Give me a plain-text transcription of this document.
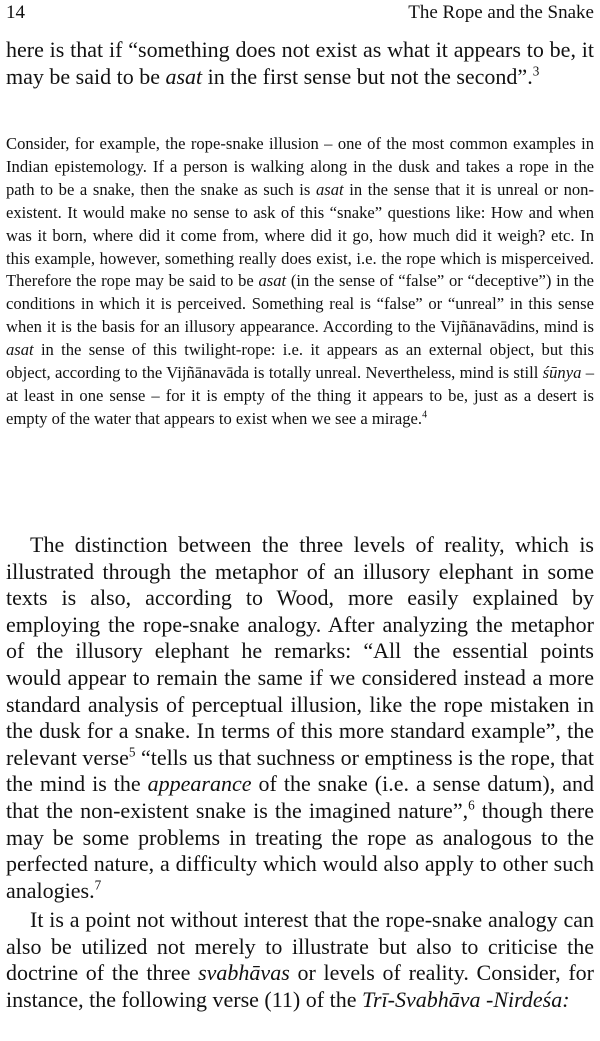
14	The Rope and the Snake

here is that if “something does not exist as what it appears to be, it may be said to be asat in the first sense but not the second”.$^3$

Consider, for example, the rope-snake illusion – one of the most common examples in Indian epistemology. If a person is walking along in the dusk and takes a rope in the path to be a snake, then the snake as such is asat in the sense that it is unreal or non-existent. It would make no sense to ask of this “snake” questions like: How and when was it born, where did it come from, where did it go, how much did it weigh? etc. In this example, however, something really does exist, i.e. the rope which is misperceived. Therefore the rope may be said to be asat (in the sense of “false” or “deceptive”) in the conditions in which it is perceived. Something real is “false” or “unreal” in this sense when it is the basis for an illusory appearance. According to the Vijñānavādins, mind is asat in the sense of this twilight-rope: i.e. it appears as an external object, but this object, according to the Vijñānavāda is totally unreal. Nevertheless, mind is still śūnya – at least in one sense – for it is empty of the thing it appears to be, just as a desert is empty of the water that appears to exist when we see a mirage.$^4$

The distinction between the three levels of reality, which is illustrated through the metaphor of an illusory elephant in some texts is also, according to Wood, more easily explained by employing the rope-snake analogy. After analyzing the metaphor of the illusory elephant he remarks: “All the essential points would appear to remain the same if we considered instead a more standard analysis of perceptual illusion, like the rope mistaken in the dusk for a snake. In terms of this more standard example”, the relevant verse$^5$ “tells us that suchness or emptiness is the rope, that the mind is the appearance of the snake (i.e. a sense datum), and that the non-existent snake is the imagined nature”,$^6$ though there may be some problems in treating the rope as analogous to the perfected nature, a difficulty which would also apply to other such analogies.$^7$

It is a point not without interest that the rope-snake analogy can also be utilized not merely to illustrate but also to criticise the doctrine of the three svabhāvas or levels of reality. Consider, for instance, the following verse (11) of the Trī-Svabhāva -Nirdeśa:
